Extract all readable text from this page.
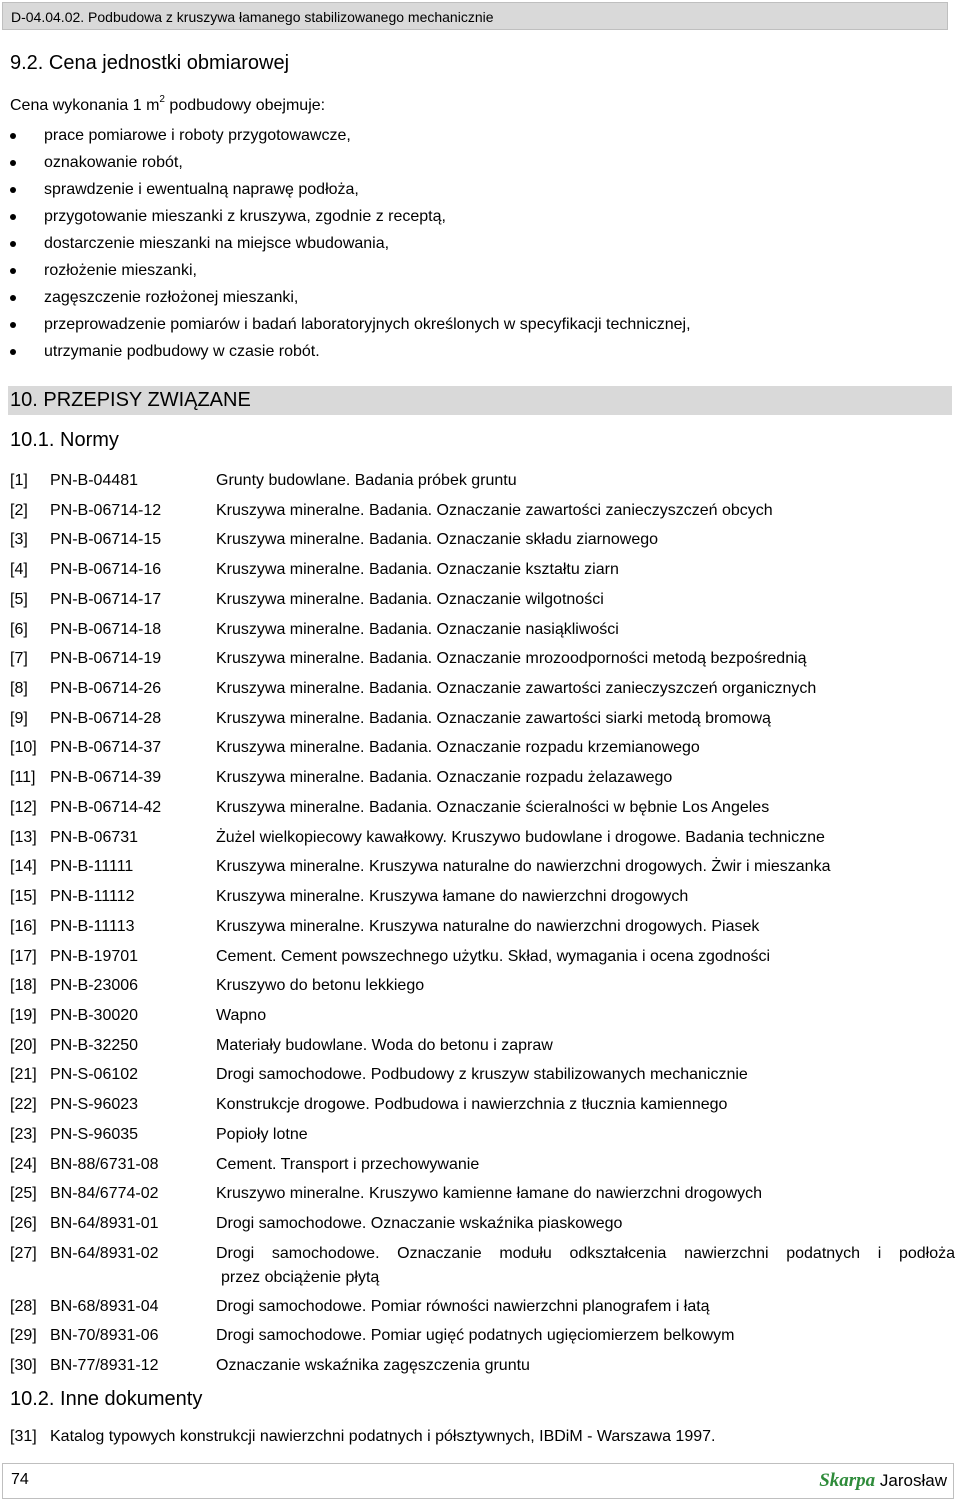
D-04.04.02. Podbudowa z kruszywa łamanego stabilizowanego mechanicznie
9.2. Cena jednostki obmiarowej
Cena wykonania 1 $m^2$ podbudowy obejmuje:
prace pomiarowe i roboty przygotowawcze,
oznakowanie robót,
sprawdzenie i ewentualną naprawę podłoża,
przygotowanie mieszanki z kruszywa, zgodnie z receptą,
dostarczenie mieszanki na miejsce wbudowania,
rozłożenie mieszanki,
zagęszczenie rozłożonej mieszanki,
przeprowadzenie pomiarów i badań laboratoryjnych określonych w specyfikacji technicznej,
utrzymanie podbudowy w czasie robót.
10. PRZEPISY ZWIĄZANE
10.1. Normy
[1]	PN-B-04481	Grunty budowlane. Badania próbek gruntu
[2]	PN-B-06714-12	Kruszywa mineralne. Badania. Oznaczanie zawartości zanieczyszczeń obcych
[3]	PN-B-06714-15	Kruszywa mineralne. Badania. Oznaczanie składu ziarnowego
[4]	PN-B-06714-16	Kruszywa mineralne. Badania. Oznaczanie kształtu ziarn
[5]	PN-B-06714-17	Kruszywa mineralne. Badania. Oznaczanie wilgotności
[6]	PN-B-06714-18	Kruszywa mineralne. Badania. Oznaczanie nasiąkliwości
[7]	PN-B-06714-19	Kruszywa mineralne. Badania. Oznaczanie mrozoodporności metodą bezpośrednią
[8]	PN-B-06714-26	Kruszywa mineralne. Badania. Oznaczanie zawartości zanieczyszczeń organicznych
[9]	PN-B-06714-28	Kruszywa mineralne. Badania. Oznaczanie zawartości siarki metodą bromową
[10] PN-B-06714-37	Kruszywa mineralne. Badania. Oznaczanie rozpadu krzemianowego
[11] PN-B-06714-39	Kruszywa mineralne. Badania. Oznaczanie rozpadu żelazawego
[12] PN-B-06714-42	Kruszywa mineralne. Badania. Oznaczanie ścieralności w bębnie Los Angeles
[13] PN-B-06731	Żużel wielkopiecowy kawałkowy. Kruszywo budowlane i drogowe. Badania techniczne
[14] PN-B-11111	Kruszywa mineralne. Kruszywa naturalne do nawierzchni drogowych. Żwir i mieszanka
[15] PN-B-11112	Kruszywa mineralne. Kruszywa łamane do nawierzchni drogowych
[16] PN-B-11113	Kruszywa mineralne. Kruszywa naturalne do nawierzchni drogowych. Piasek
[17] PN-B-19701	Cement. Cement powszechnego użytku. Skład, wymagania i ocena zgodności
[18] PN-B-23006	Kruszywo do betonu lekkiego
[19] PN-B-30020	Wapno
[20] PN-B-32250	Materiały budowlane. Woda do betonu i zapraw
[21] PN-S-06102	Drogi samochodowe. Podbudowy z kruszyw stabilizowanych mechanicznie
[22] PN-S-96023	Konstrukcje drogowe. Podbudowa i nawierzchnia z tłucznia kamiennego
[23] PN-S-96035	Popioły lotne
[24] BN-88/6731-08	Cement. Transport i przechowywanie
[25] BN-84/6774-02	Kruszywo mineralne. Kruszywo kamienne łamane do nawierzchni drogowych
[26] BN-64/8931-01	Drogi samochodowe. Oznaczanie wskaźnika piaskowego
[27] BN-64/8931-02	Drogi samochodowe. Oznaczanie modułu odkształcenia nawierzchni podatnych i podłoża
przez obciążenie płytą
[28] BN-68/8931-04	Drogi samochodowe. Pomiar równości nawierzchni planografem i łatą
[29] BN-70/8931-06	Drogi samochodowe. Pomiar ugięć podatnych ugięciomierzem belkowym
[30] BN-77/8931-12	Oznaczanie wskaźnika zagęszczenia gruntu
10.2. Inne dokumenty
[31] Katalog typowych konstrukcji nawierzchni podatnych i półsztywnych, IBDiM - Warszawa 1997.
74	Skarpa Jarosław
